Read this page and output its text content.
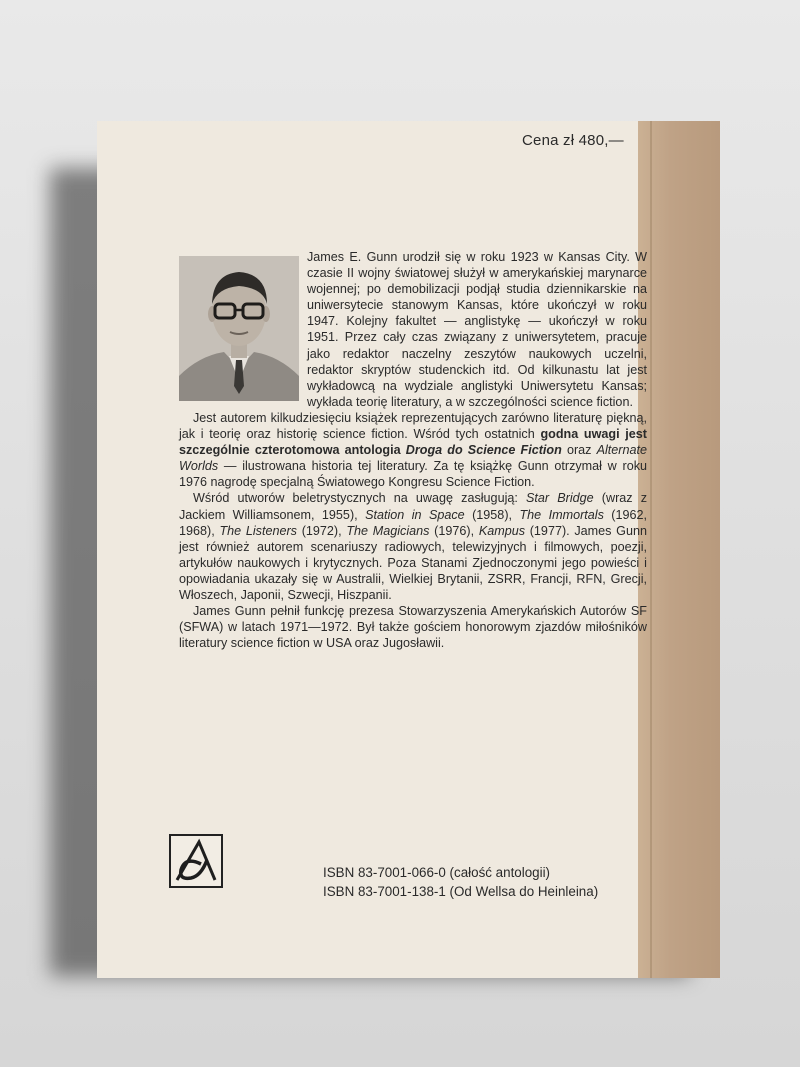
Cena zł 480,—

James E. Gunn urodził się w roku 1923 w Kansas City. W czasie II wojny światowej służył w amerykańskiej marynarce wojennej; po demobilizacji podjął studia dziennikarskie na uniwersytecie stanowym Kansas, które ukończył w roku 1947. Kolejny fakultet — anglistykę — ukończył w roku 1951. Przez cały czas związany z uniwersytetem, pracuje jako redaktor naczelny zeszytów naukowych uczelni, redaktor skryptów studenckich itd. Od kilkunastu lat jest wykładowcą na wydziale anglistyki Uniwersytetu Kansas; wykłada teorię literatury, a w szczególności science fiction.

Jest autorem kilkudziesięciu książek reprezentujących zarówno literaturę piękną, jak i teorię oraz historię science fiction. Wśród tych ostatnich godna uwagi jest szczególnie czterotomowa antologia Droga do Science Fiction oraz Alternate Worlds — ilustrowana historia tej literatury. Za tę książkę Gunn otrzymał w roku 1976 nagrodę specjalną Światowego Kongresu Science Fiction.

Wśród utworów beletrystycznych na uwagę zasługują: Star Bridge (wraz z Jackiem Williamsonem, 1955), Station in Space (1958), The Immortals (1962, 1968), The Listeners (1972), The Magicians (1976), Kampus (1977). James Gunn jest również autorem scenariuszy radiowych, telewizyjnych i filmowych, poezji, artykułów naukowych i krytycznych. Poza Stanami Zjednoczonymi jego powieści i opowiadania ukazały się w Australii, Wielkiej Brytanii, ZSRR, Francji, RFN, Grecji, Włoszech, Japonii, Szwecji, Hiszpanii.

James Gunn pełnił funkcję prezesa Stowarzyszenia Amerykańskich Autorów SF (SFWA) w latach 1971—1972. Był także gościem honorowym zjazdów miłośników literatury science fiction w USA oraz Jugosławii.

ISBN 83-7001-066-0 (całość antologii)
ISBN 83-7001-138-1 (Od Wellsa do Heinleina)
